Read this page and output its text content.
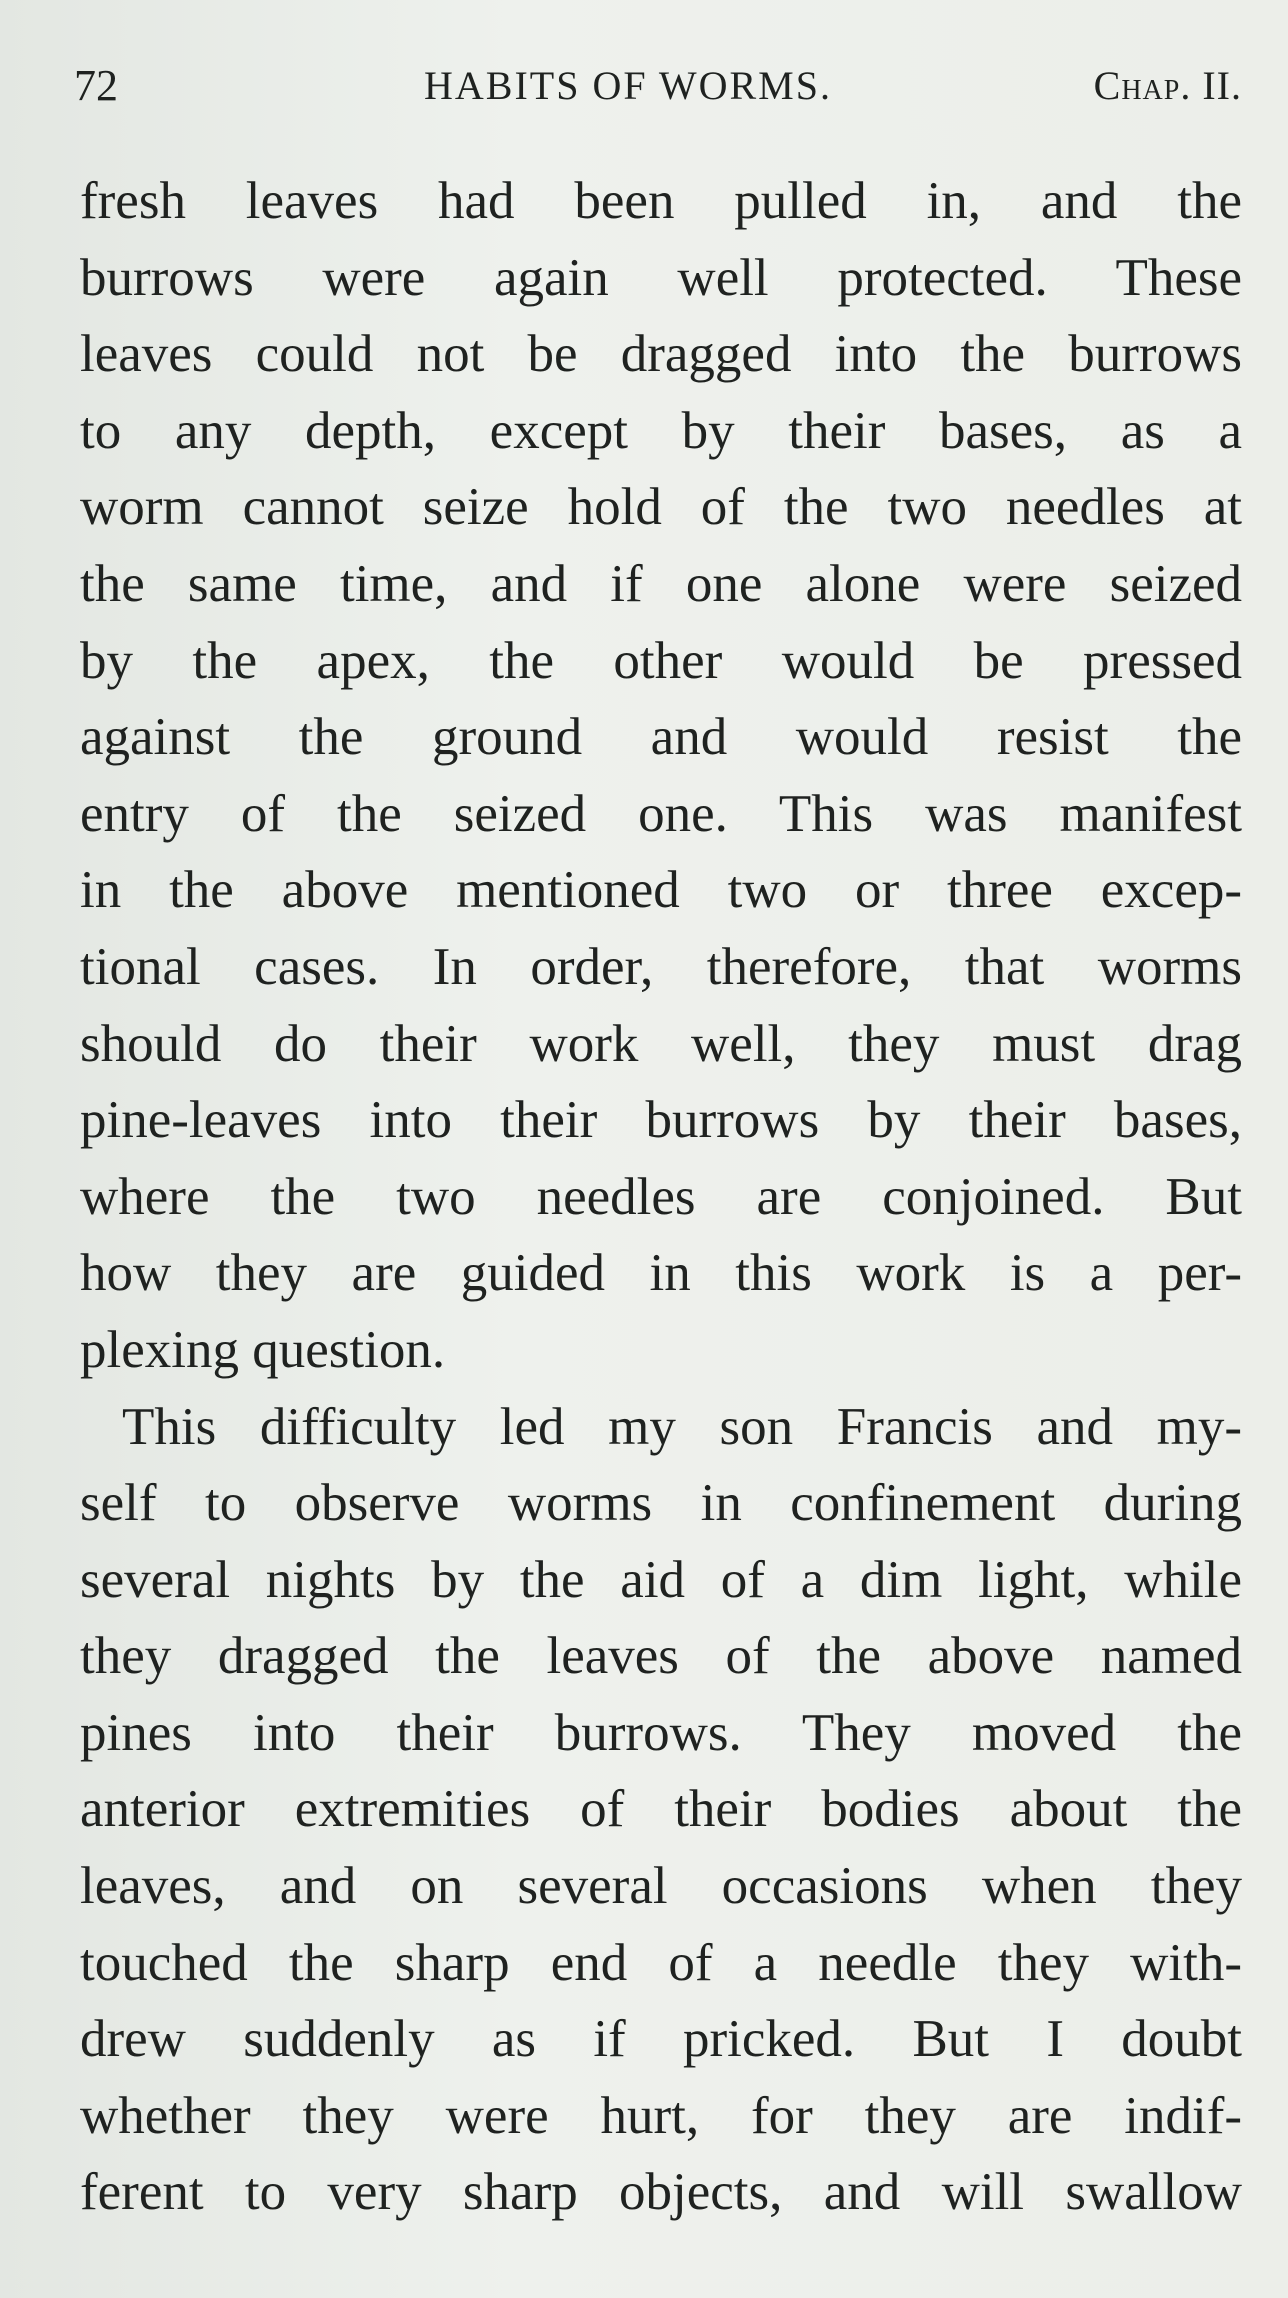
72	HABITS OF WORMS.	Chap. II.
fresh leaves had been pulled in, and the
burrows were again well protected. These
leaves could not be dragged into the burrows
to any depth, except by their bases, as a
worm cannot seize hold of the two needles at
the same time, and if one alone were seized
by the apex, the other would be pressed
against the ground and would resist the
entry of the seized one. This was manifest
in the above mentioned two or three excep-
tional cases. In order, therefore, that worms
should do their work well, they must drag
pine-leaves into their burrows by their bases,
where the two needles are conjoined. But
how they are guided in this work is a per-
plexing question.
This difficulty led my son Francis and my-
self to observe worms in confinement during
several nights by the aid of a dim light, while
they dragged the leaves of the above named
pines into their burrows. They moved the
anterior extremities of their bodies about the
leaves, and on several occasions when they
touched the sharp end of a needle they with-
drew suddenly as if pricked. But I doubt
whether they were hurt, for they are indif-
ferent to very sharp objects, and will swallow
